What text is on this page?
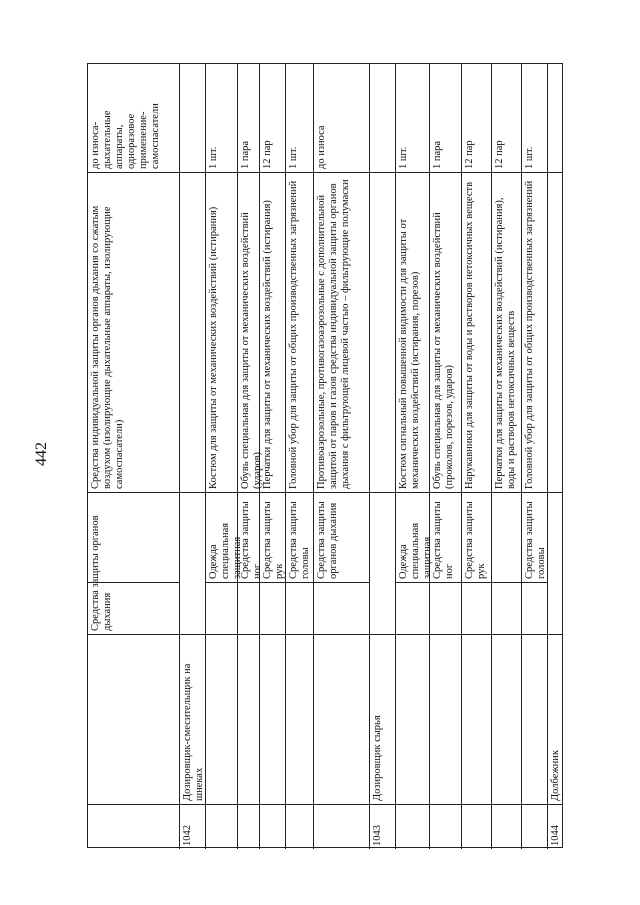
442
до износа-дыхательные аппараты, одноразовое применение-самоспасатели
Средства индивидуальной защиты органов дыхания со сжатым воздухом (изолирующие дыхательные аппараты, изолирующие самоспасатели)
Средства защиты органов дыхания
Дозировщик-смесительщик на шнеках
1042
1 шт.
Костюм для защиты от механических воздействий (истирания)
Одежда специальная защитная
1 пара
Обувь специальная для защиты от механических воздействий (ударов)
Средства защиты ног
12 пар
Перчатки для защиты от механических воздействий (истирания)
Средства защиты рук
1 шт.
Головной убор для защиты от общих производственных загрязнений
Средства защиты головы
до износа
Противоаэрозольные, противогазоаэрозольные с дополнительной защитой от паров и газов средства индивидуальной защиты органов дыхания с фильтрующей лицевой частью – фильтрующие полумаски
Средства защиты органов дыхания
Дозировщик сырья
1043
1 шт.
Костюм сигнальный повышенной видимости для защиты от механических воздействий (истирания, порезов)
Одежда специальная защитная
1 пара
Обувь специальная для защиты от механических воздействий (проколов, порезов, ударов)
Средства защиты ног
12 пар
Нарукавники для защиты от воды и растворов нетоксичных веществ
Средства защиты рук
12 пар
Перчатки для защиты от механических воздействий (истирания), воды и растворов нетоксичных веществ
1 шт.
Головной убор для защиты от общих производственных загрязнений
Средства защиты головы
Долбежник
1044
